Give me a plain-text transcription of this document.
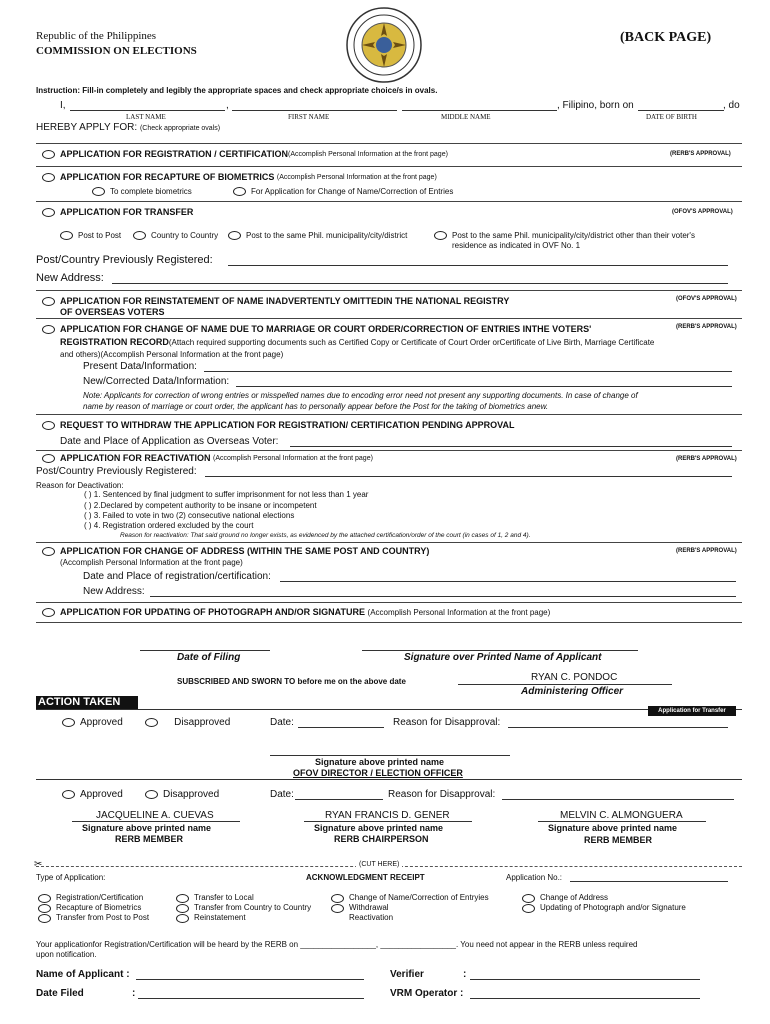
Republic of the Philippines
COMMISSION ON ELECTIONS
(BACK PAGE)
Instruction: Fill-in completely and legibly the appropriate spaces and check appropriate choice/s in ovals.
I,	,	, Filipino, born on	, do
LAST NAME	FIRST NAME	MIDDLE NAME	DATE OF BIRTH
HEREBY APPLY FOR: (Check appropriate ovals)
APPLICATION FOR REGISTRATION / CERTIFICATION (Accomplish Personal Information at the front page)	(RERB'S APPROVAL)
APPLICATION FOR RECAPTURE OF BIOMETRICS
(Accomplish Personal Information at the front page)
To complete biometrics	For Application for Change of Name/Correction of Entries
APPLICATION FOR TRANSFER	(OFOV'S APPROVAL)
Post to Post	Country to Country	Post to the same Phil. municipality/city/district	Post to the same Phil. municipality/city/district other than their voter's
residence as indicated in OVF No. 1
Post/Country Previously Registered:
New Address:
APPLICATION FOR REINSTATEMENT OF NAME INADVERTENTLY OMITTEDIN THE NATIONAL REGISTRY
OF OVERSEAS VOTERS
(OFOV'S APPROVAL)
APPLICATION FOR CHANGE OF NAME DUE TO MARRIAGE OR COURT ORDER/CORRECTION OF ENTRIES INTHE VOTERS'	(RERB'S APPROVAL)
REGISTRATION RECORD(Attach required supporting documents such as Certified Copy or Certificate of Court Order orCertificate of Live Birth, Marriage Certificate
and others)(Accomplish Personal Information at the front page)
Present Data/Information:
New/Corrected Data/Information:
Note: Applicants for correction of wrong entries or misspelled names due to encoding error need not present any supporting documents. In case of change of
name by reason of marriage or court order, the applicant has to personally appear before the Post for the taking of biometrics anew.
REQUEST TO WITHDRAW THE APPLICATION FOR REGISTRATION/ CERTIFICATION PENDING APPROVAL
Date and Place of Application as Overseas Voter:
APPLICATION FOR REACTIVATION
(Accomplish Personal Information at the front page)	(RERB'S APPROVAL)
Post/Country Previously Registered:
Reason for Deactivation:
( ) 1. Sentenced by final judgment to suffer imprisonment for not less than 1 year
( ) 2.Declared by competent authority to be insane or incompetent
( ) 3. Failed to vote in two (2) consecutive national elections
( ) 4. Registration ordered excluded by the court
Reason for reactivation: That said ground no longer exists, as evidenced by the attached certification/order of the court (in cases of 1, 2 and 4).
APPLICATION FOR CHANGE OF ADDRESS (WITHIN THE SAME POST AND COUNTRY)	(RERB'S APPROVAL)
(Accomplish Personal Information at the front page)
Date and Place of registration/certification:
New Address:
APPLICATION FOR UPDATING OF PHOTOGRAPH AND/OR SIGNATURE
(Accomplish Personal Information at the front page)
Date of Filing	Signature over Printed Name of Applicant
SUBSCRIBED AND SWORN TO before me on the above date	RYAN C. PONDOC
Administering Officer
ACTION TAKEN
Application for Transfer
Approved
	Disapproved	Date:	Reason for Disapproval:
Signature above printed name
OFOV DIRECTOR / ELECTION OFFICER
Approved	Disapproved	Date:	Reason for Disapproval:
JACQUELINE A. CUEVAS
Signature above printed name
RERB MEMBER
RYAN FRANCIS D. GENER
Signature above printed name
RERB CHAIRPERSON
MELVIN C. ALMONGUERA
Signature above printed name
RERB MEMBER
✂	(CUT HERE)
Type of Application:	ACKNOWLEDGMENT RECEIPT	Application No.:
Registration/Certification
Recapture of Biometrics
Transfer from Post to Post
Transfer to Local
Transfer from Country to Country
Reinstatement
Change of Name/Correction of Entryies
Withdrawal
Reactivation
Change of Address
Updating of Photograph and/or Signature
Your applicationfor Registration/Certification will be heard by the RERB on _________________, _________________. You need not appear in the RERB unless required
upon notification.
Name of Applicant :	Verifier	:
Date Filed	:	VRM Operator :
